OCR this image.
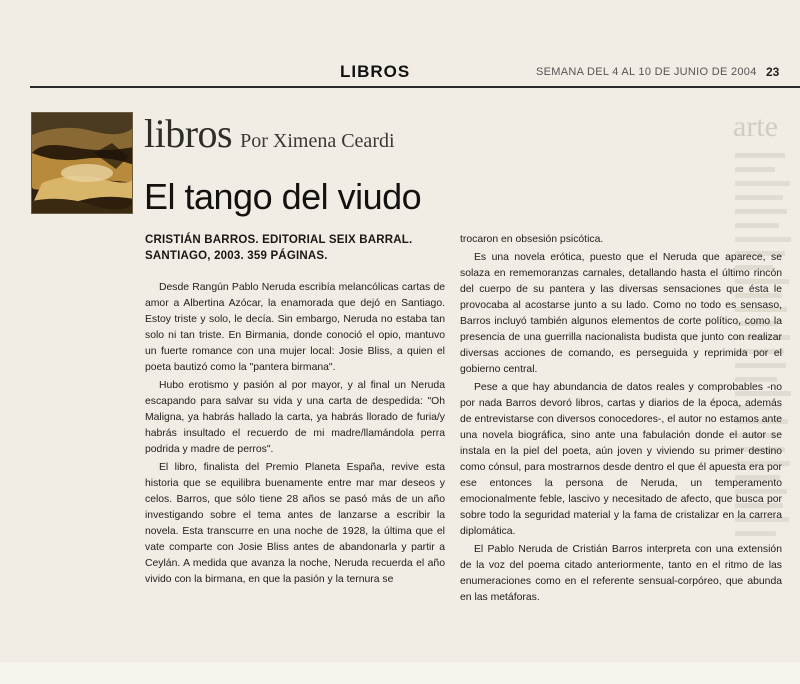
LIBROS	SEMANA DEL 4 AL 10 DE JUNIO DE 2004 23
arte
libros Por Ximena Ceardi
El tango del viudo

CRISTIÁN BARROS. EDITORIAL SEIX BARRAL. SANTIAGO, 2003. 359 PÁGINAS.

Desde Rangún Pablo Neruda escribía melancólicas cartas de amor a Albertina Azócar, la enamorada que dejó en Santiago. Estoy triste y solo, le decía. Sin embargo, Neruda no estaba tan solo ni tan triste. En Birmania, donde conoció el opio, mantuvo un fuerte romance con una mujer local: Josie Bliss, a quien el poeta bautizó como la "pantera birmana".

Hubo erotismo y pasión al por mayor, y al final un Neruda escapando para salvar su vida y una carta de despedida: "Oh Maligna, ya habrás hallado la carta, ya habrás llorado de furia/y habrás insultado el recuerdo de mi madre/llamándola perra podrida y madre de perros".

El libro, finalista del Premio Planeta España, revive esta historia que se equilibra buenamente entre mar mar deseos y celos. Barros, que sólo tiene 28 años se pasó más de un año investigando sobre el tema antes de lanzarse a escribir la novela. Esta transcurre en una noche de 1928, la última que el vate comparte con Josie Bliss antes de abandonarla y partir a Ceylán. A medida que avanza la noche, Neruda recuerda el año vivido con la birmana, en que la pasión y la ternura se

trocaron en obsesión psicótica.

Es una novela erótica, puesto que el Neruda que aparece, se solaza en rememoranzas carnales, detallando hasta el último rincón del cuerpo de su pantera y las diversas sensaciones que ésta le provocaba al acostarse junto a su lado. Como no todo es sensaso, Barros incluyó también algunos elementos de corte político, como la presencia de una guerrilla nacionalista budista que junto con realizar diversas acciones de comando, es perseguida y reprimida por el gobierno central.

Pese a que hay abundancia de datos reales y comprobables -no por nada Barros devoró libros, cartas y diarios de la época, además de entrevistarse con diversos conocedores-, el autor no estamos ante una novela biográfica, sino ante una fabulación donde el autor se instala en la piel del poeta, aún joven y viviendo su primer destino como cónsul, para mostrarnos desde dentro el que él apuesta era por ese entonces la persona de Neruda, un temperamento emocionalmente feble, lascivo y necesitado de afecto, que busca por sobre todo la seguridad material y la fama de cristalizar en la carrera diplomática.

El Pablo Neruda de Cristián Barros interpreta con una extensión de la voz del poema citado anteriormente, tanto en el ritmo de las enumeraciones como en el referente sensual-corpóreo, que abunda en las metáforas.
